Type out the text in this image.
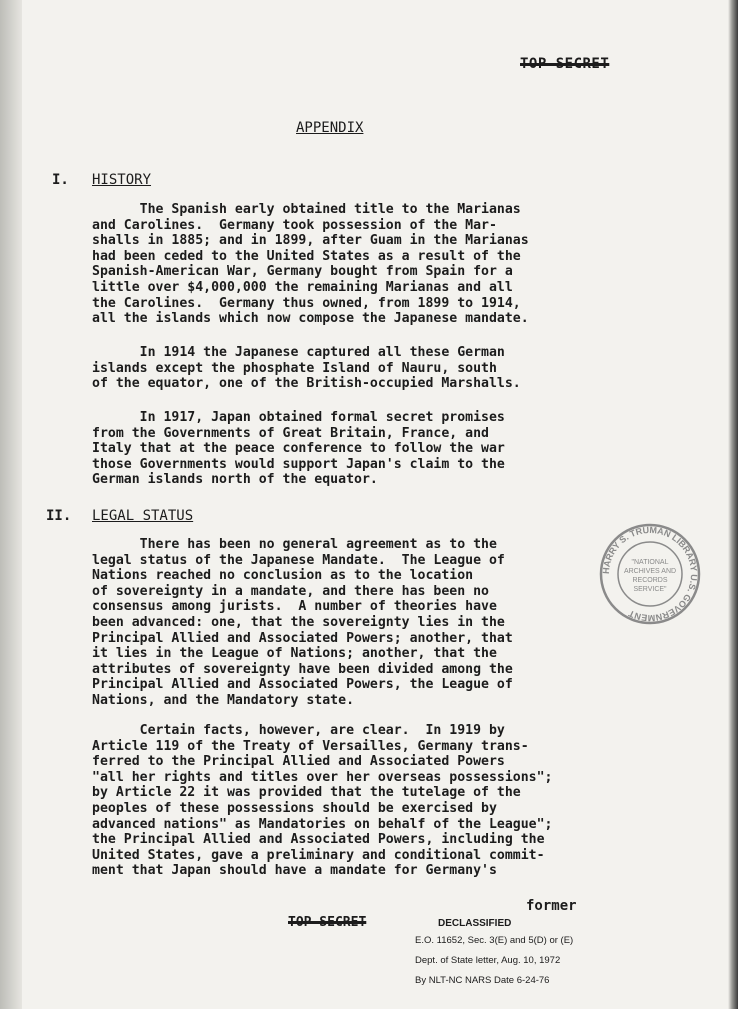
TOP SECRET
APPENDIX
I. HISTORY
The Spanish early obtained title to the Marianas
and Carolines.  Germany took possession of the Mar-
shalls in 1885; and in 1899, after Guam in the Marianas
had been ceded to the United States as a result of the
Spanish-American War, Germany bought from Spain for a
little over $4,000,000 the remaining Marianas and all
the Carolines.  Germany thus owned, from 1899 to 1914,
all the islands which now compose the Japanese mandate.
In 1914 the Japanese captured all these German
islands except the phosphate Island of Nauru, south
of the equator, one of the British-occupied Marshalls.
In 1917, Japan obtained formal secret promises
from the Governments of Great Britain, France, and
Italy that at the peace conference to follow the war
those Governments would support Japan's claim to the
German islands north of the equator.
II. LEGAL STATUS
There has been no general agreement as to the
legal status of the Japanese Mandate.  The League of
Nations reached no conclusion as to the location
of sovereignty in a mandate, and there has been no
consensus among jurists.  A number of theories have
been advanced: one, that the sovereignty lies in the
Principal Allied and Associated Powers; another, that
it lies in the League of Nations; another, that the
attributes of sovereignty have been divided among the
Principal Allied and Associated Powers, the League of
Nations, and the Mandatory state.
Certain facts, however, are clear.  In 1919 by
Article 119 of the Treaty of Versailles, Germany trans-
ferred to the Principal Allied and Associated Powers
"all her rights and titles over her overseas possessions";
by Article 22 it was provided that the tutelage of the
peoples of these possessions should be exercised by
advanced nations" as Mandatories on behalf of the League";
the Principal Allied and Associated Powers, including the
United States, gave a preliminary and conditional commit-
ment that Japan should have a mandate for Germany's
HARRY S. TRUMAN LIBRARY U.S. GOVERNMENT
"NATIONAL
ARCHIVES AND
RECORDS
SERVICE"
former
TOP SECRET	DECLASSIFIED
E.O. 11652, Sec. 3(E) and 5(D) or (E)
Dept. of State letter, Aug. 10, 1972
By NLT-NC NARS Date 6-24-76
